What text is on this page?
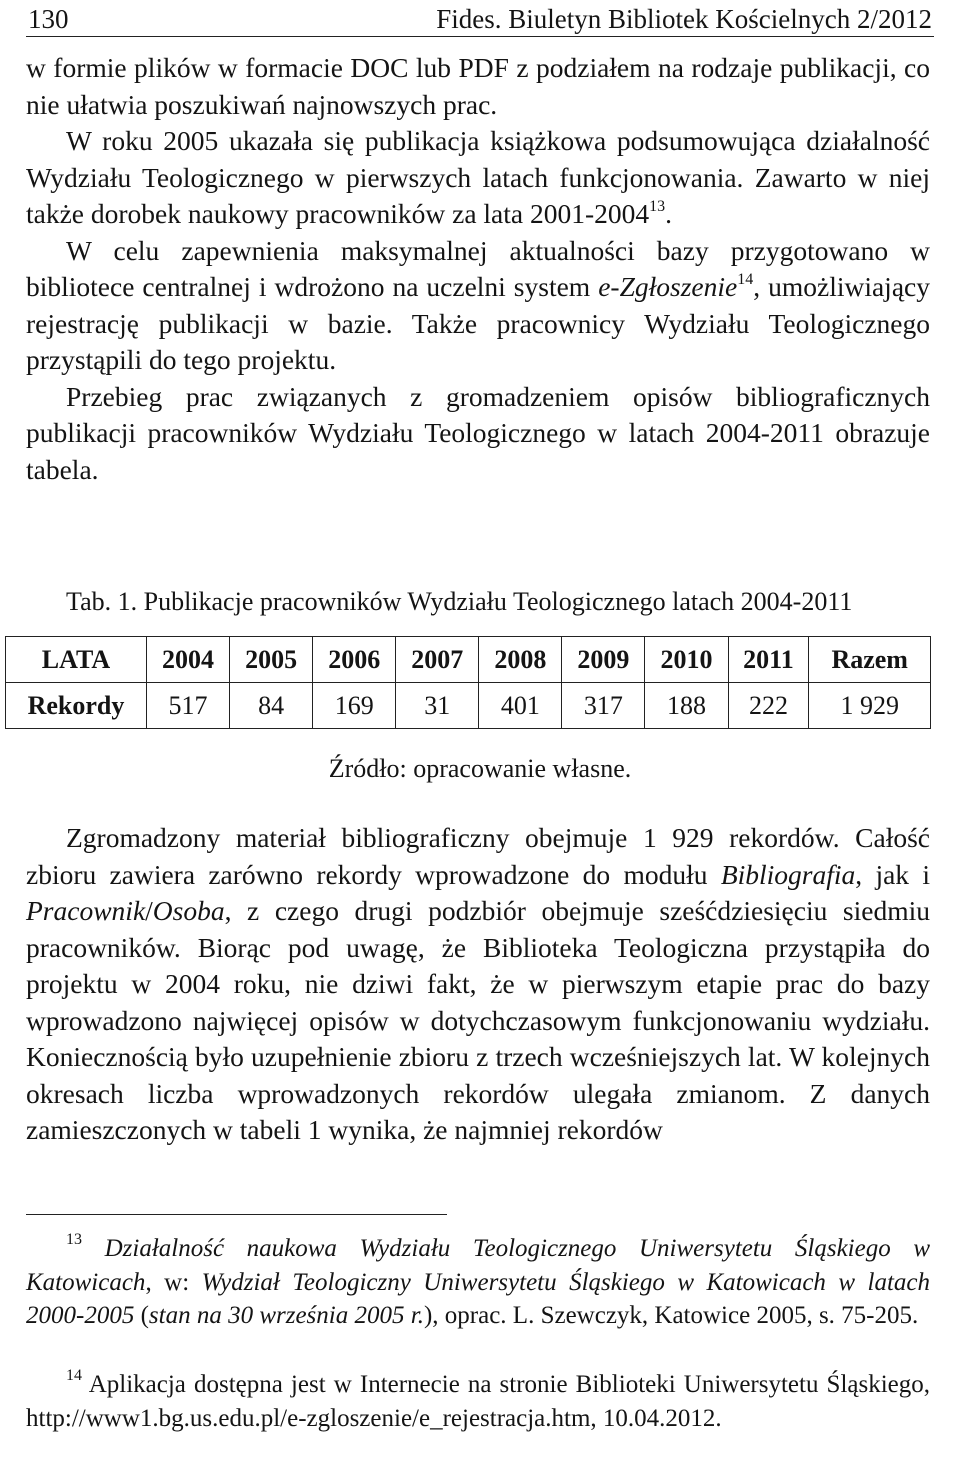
130	Fides. Biuletyn Bibliotek Kościelnych 2/2012

w formie plików w formacie DOC lub PDF z podziałem na rodzaje publikacji, co nie ułatwia poszukiwań najnowszych prac.

W roku 2005 ukazała się publikacja książkowa podsumowująca działalność Wydziału Teologicznego w pierwszych latach funkcjonowania. Zawarto w niej także dorobek naukowy pracowników za lata 2001-2004$^{13}$.

W celu zapewnienia maksymalnej aktualności bazy przygotowano w bibliotece centralnej i wdrożono na uczelni system e-Zgłoszenie$^{14}$, umożliwiający rejestrację publikacji w bazie. Także pracownicy Wydziału Teologicznego przystąpili do tego projektu.

Przebieg prac związanych z gromadzeniem opisów bibliograficznych publikacji pracowników Wydziału Teologicznego w latach 2004-2011 obrazuje tabela.

Tab. 1. Publikacje pracowników Wydziału Teologicznego latach 2004-2011
LATA	2004	2005	2006	2007	2008	2009	2010	2011	Razem
Rekordy	517	84	169	31	401	317	188	222	1 929
Źródło: opracowanie własne.

Zgromadzony materiał bibliograficzny obejmuje 1 929 rekordów. Całość zbioru zawiera zarówno rekordy wprowadzone do modułu Bibliografia, jak i Pracownik/Osoba, z czego drugi podzbiór obejmuje sześćdziesięciu siedmiu pracowników. Biorąc pod uwagę, że Biblioteka Teologiczna przystąpiła do projektu w 2004 roku, nie dziwi fakt, że w pierwszym etapie prac do bazy wprowadzono najwięcej opisów w dotychczasowym funkcjonowaniu wydziału. Koniecznością było uzupełnienie zbioru z trzech wcześniejszych lat. W kolejnych okresach liczba wprowadzonych rekordów ulegała zmianom. Z danych zamieszczonych w tabeli 1 wynika, że najmniej rekordów

$^{13}$ Działalność naukowa Wydziału Teologicznego Uniwersytetu Śląskiego w Katowicach, w: Wydział Teologiczny Uniwersytetu Śląskiego w Katowicach w latach 2000-2005 (stan na 30 września 2005 r.), oprac. L. Szewczyk, Katowice 2005, s. 75-205.
$^{14}$ Aplikacja dostępna jest w Internecie na stronie Biblioteki Uniwersytetu Śląskiego, http://www1.bg.us.edu.pl/e-zgloszenie/e_rejestracja.htm, 10.04.2012.
